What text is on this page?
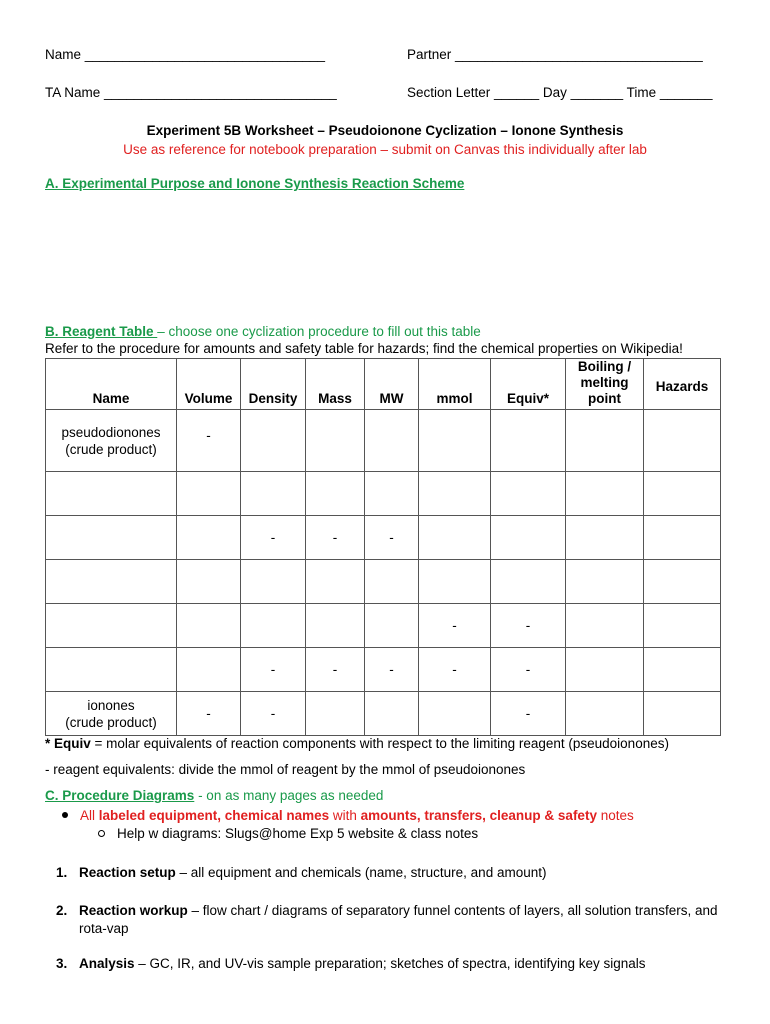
Name ________________________________	Partner _________________________________
TA Name _______________________________	Section Letter ______ Day _______ Time _______
Experiment 5B Worksheet – Pseudoionone Cyclization – Ionone Synthesis
Use as reference for notebook preparation – submit on Canvas this individually after lab
A. Experimental Purpose and Ionone Synthesis Reaction Scheme
B. Reagent Table – choose one cyclization procedure to fill out this table
Refer to the procedure for amounts and safety table for hazards; find the chemical properties on Wikipedia!
Name	Volume	Density	Mass	MW	mmol	Equiv*	Boiling /
melting
point	Hazards

pseudodionones
(crude product)	-							

		-	-	-				

					-	-		

		-	-	-	-	-		

ionones
(crude product)	-	-				-		
* Equiv = molar equivalents of reaction components with respect to the limiting reagent (pseudoionones)
- reagent equivalents: divide the mmol of reagent by the mmol of pseudoionones
C. Procedure Diagrams - on as many pages as needed
All labeled equipment, chemical names with amounts, transfers, cleanup & safety notes
Help w diagrams: Slugs@home Exp 5 website & class notes
1. Reaction setup – all equipment and chemicals (name, structure, and amount)
2. Reaction workup – flow chart / diagrams of separatory funnel contents of layers, all solution transfers, and
rota-vap
3. Analysis – GC, IR, and UV-vis sample preparation; sketches of spectra, identifying key signals
